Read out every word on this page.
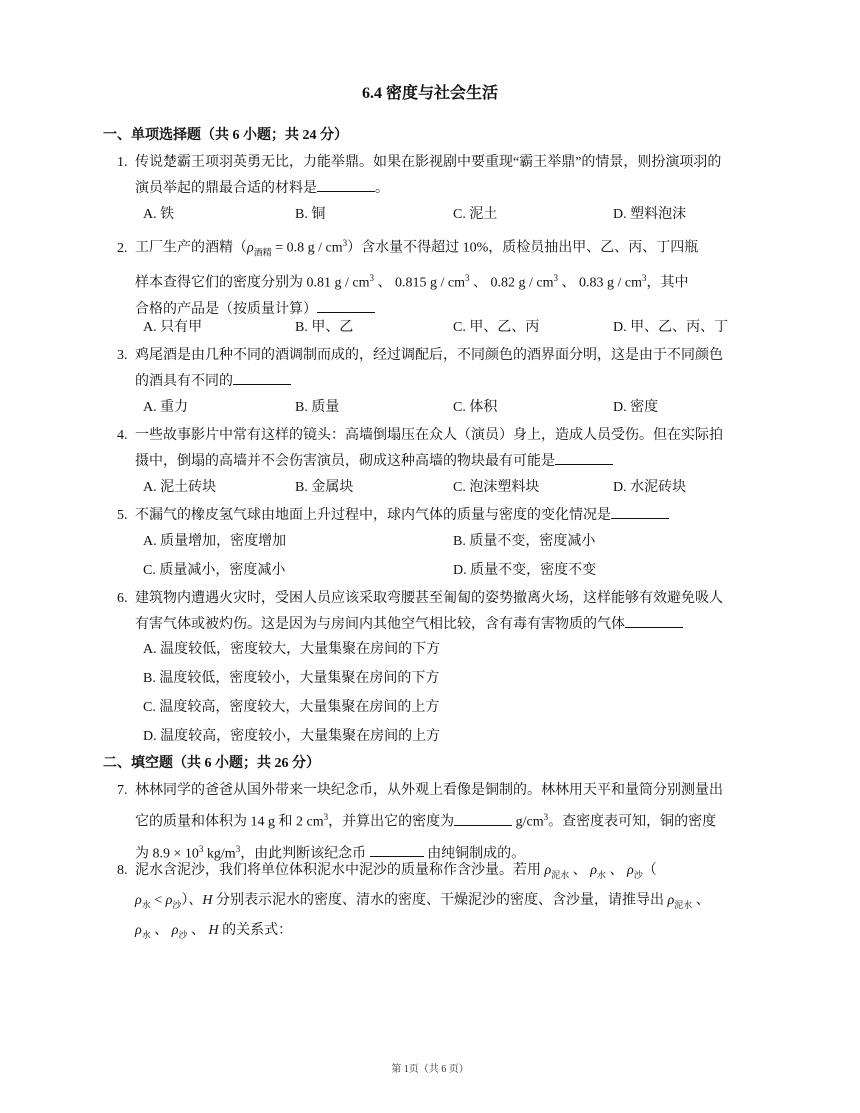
6.4 密度与社会生活
一、单项选择题（共 6 小题；共 24 分）
1. 传说楚霸王项羽英勇无比，力能举鼎。如果在影视剧中要重现“霸王举鼎”的情景，则扮演项羽的
演员举起的鼎最合适的材料是	。
A. 铁	B. 铜	C. 泥土	D. 塑料泡沫
2. 工厂生产的酒精（$\rho_{酒精} = 0.8$ g / $cm^3$）含水量不得超过 10%，质检员抽出甲、乙、丙、丁四瓶
样本查得它们的密度分别为 0.81 g / $cm^3$ 、 0.815 g / $cm^3$ 、 0.82 g / $cm^3$ 、 0.83 g / $cm^3$，其中
合格的产品是（按质量计算）
A. 只有甲	B. 甲、乙	C. 甲、乙、丙	D. 甲、乙、丙、丁
3. 鸡尾酒是由几种不同的酒调制而成的，经过调配后，不同颜色的酒界面分明，这是由于不同颜色
的酒具有不同的
A. 重力	B. 质量	C. 体积	D. 密度
4. 一些故事影片中常有这样的镜头：高墙倒塌压在众人（演员）身上，造成人员受伤。但在实际拍
摄中，倒塌的高墙并不会伤害演员，砌成这种高墙的物块最有可能是
A. 泥土砖块	B. 金属块	C. 泡沫塑料块	D. 水泥砖块
5. 不漏气的橡皮氢气球由地面上升过程中，球内气体的质量与密度的变化情况是
A. 质量增加，密度增加	B. 质量不变，密度减小
C. 质量减小，密度减小	D. 质量不变，密度不变
6. 建筑物内遭遇火灾时，受困人员应该采取弯腰甚至匍匐的姿势撤离火场，这样能够有效避免吸人
有害气体或被灼伤。这是因为与房间内其他空气相比较，含有毒有害物质的气体
A. 温度较低，密度较大，大量集聚在房间的下方
B. 温度较低，密度较小，大量集聚在房间的下方
C. 温度较高，密度较大，大量集聚在房间的上方
D. 温度较高，密度较小，大量集聚在房间的上方
二、填空题（共 6 小题；共 26 分）
7. 林林同学的爸爸从国外带来一块纪念币，从外观上看像是铜制的。林林用天平和量筒分别测量出
它的质量和体积为 14 g 和 2 $cm^3$，并算出它的密度为	$g/cm^3$。查密度表可知，铜的密度
为 $8.9 \times 10^3$ $kg/m^3$，由此判断该纪念币	由纯铜制成的。
8. 泥水含泥沙，我们将单位体积泥水中泥沙的质量称作含沙量。若用 $\rho_{泥水}$ 、 $\rho_水$ 、 $\rho_沙$（
$\rho_水 < \rho_沙$）、H 分别表示泥水的密度、清水的密度、干燥泥沙的密度、含沙量，请推导出 $\rho_{泥水}$ 、
$\rho_水$ 、 $\rho_沙$ 、 H 的关系式：
第 1页（共 6 页）
